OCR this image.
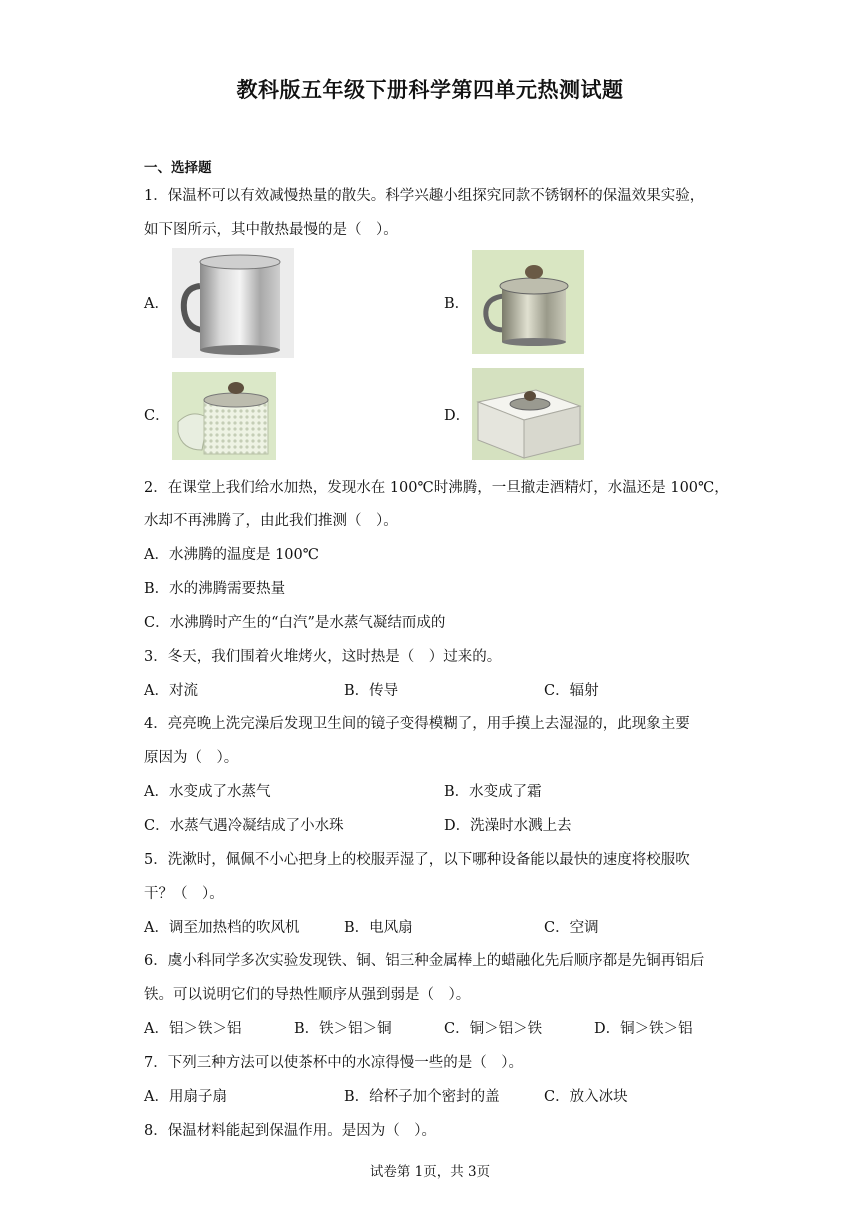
教科版五年级下册科学第四单元热测试题
一、选择题
1．保温杯可以有效减慢热量的散失。科学兴趣小组探究同款不锈钢杯的保温效果实验，
如下图所示，其中散热最慢的是（　）。
A．	B．
C．	D．
2．在课堂上我们给水加热，发现水在 100℃时沸腾，一旦撤走酒精灯，水温还是 100℃，
水却不再沸腾了，由此我们推测（　）。
A．水沸腾的温度是 100℃
B．水的沸腾需要热量
C．水沸腾时产生的“白汽”是水蒸气凝结而成的
3．冬天，我们围着火堆烤火，这时热是（　）过来的。
A．对流	B．传导	C．辐射
4．亮亮晚上洗完澡后发现卫生间的镜子变得模糊了，用手摸上去湿湿的，此现象主要
原因为（　）。
A．水变成了水蒸气	B．水变成了霜
C．水蒸气遇冷凝结成了小水珠	D．洗澡时水溅上去
5．洗漱时，佩佩不小心把身上的校服弄湿了，以下哪种设备能以最快的速度将校服吹
干？（　）。
A．调至加热档的吹风机	B．电风扇	C．空调
6．虞小科同学多次实验发现铁、铜、铝三种金属棒上的蜡融化先后顺序都是先铜再铝后
铁。可以说明它们的导热性顺序从强到弱是（　）。
A．铝＞铁＞铝	B．铁＞铝＞铜	C．铜＞铝＞铁	D．铜＞铁＞铝
7．下列三种方法可以使茶杯中的水凉得慢一些的是（　）。
A．用扇子扇	B．给杯子加个密封的盖	C．放入冰块
8．保温材料能起到保温作用。是因为（　）。
试卷第 1页，共 3页
